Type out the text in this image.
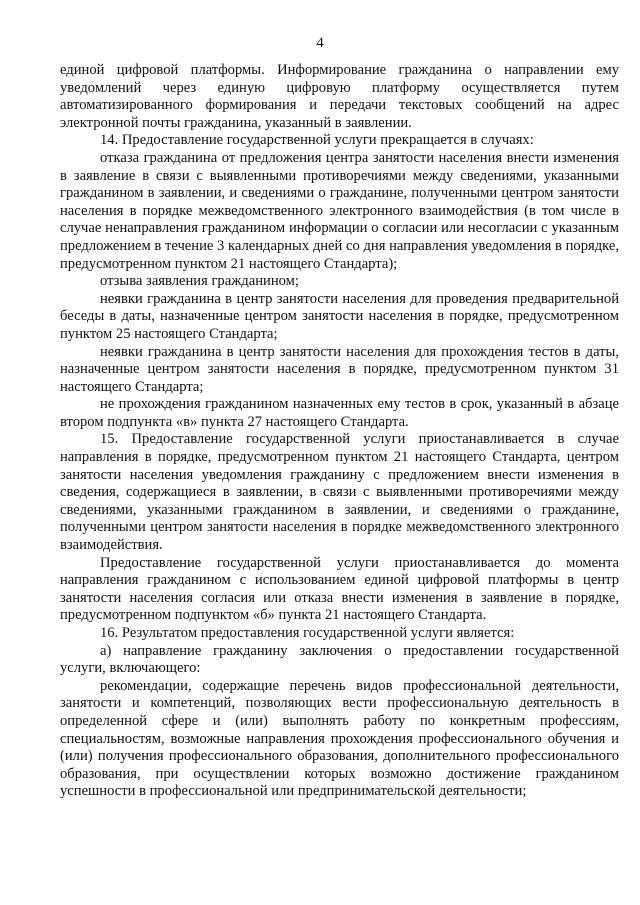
4

единой цифровой платформы. Информирование гражданина о направлении ему уведомлений через единую цифровую платформу осуществляется путем автоматизированного формирования и передачи текстовых сообщений на адрес электронной почты гражданина, указанный в заявлении.

14. Предоставление государственной услуги прекращается в случаях:

отказа гражданина от предложения центра занятости населения внести изменения в заявление в связи с выявленными противоречиями между сведениями, указанными гражданином в заявлении, и сведениями о гражданине, полученными центром занятости населения в порядке межведомственного электронного взаимодействия (в том числе в случае ненаправления гражданином информации о согласии или несогласии с указанным предложением в течение 3 календарных дней со дня направления уведомления в порядке, предусмотренном пунктом 21 настоящего Стандарта);

отзыва заявления гражданином;

неявки гражданина в центр занятости населения для проведения предварительной беседы в даты, назначенные центром занятости населения в порядке, предусмотренном пунктом 25 настоящего Стандарта;

неявки гражданина в центр занятости населения для прохождения тестов в даты, назначенные центром занятости населения в порядке, предусмотренном пунктом 31 настоящего Стандарта;

не прохождения гражданином назначенных ему тестов в срок, указанный в абзаце втором подпункта «в» пункта 27 настоящего Стандарта.

15. Предоставление государственной услуги приостанавливается в случае направления в порядке, предусмотренном пунктом 21 настоящего Стандарта, центром занятости населения уведомления гражданину с предложением внести изменения в сведения, содержащиеся в заявлении, в связи с выявленными противоречиями между сведениями, указанными гражданином в заявлении, и сведениями о гражданине, полученными центром занятости населения в порядке межведомственного электронного взаимодействия.

Предоставление государственной услуги приостанавливается до момента направления гражданином с использованием единой цифровой платформы в центр занятости населения согласия или отказа внести изменения в заявление в порядке, предусмотренном подпунктом «б» пункта 21 настоящего Стандарта.

16. Результатом предоставления государственной услуги является:

а) направление гражданину заключения о предоставлении государственной услуги, включающего:

рекомендации, содержащие перечень видов профессиональной деятельности, занятости и компетенций, позволяющих вести профессиональную деятельность в определенной сфере и (или) выполнять работу по конкретным профессиям, специальностям, возможные направления прохождения профессионального обучения и (или) получения профессионального образования, дополнительного профессионального образования, при осуществлении которых возможно достижение гражданином успешности в профессиональной или предпринимательской деятельности;
